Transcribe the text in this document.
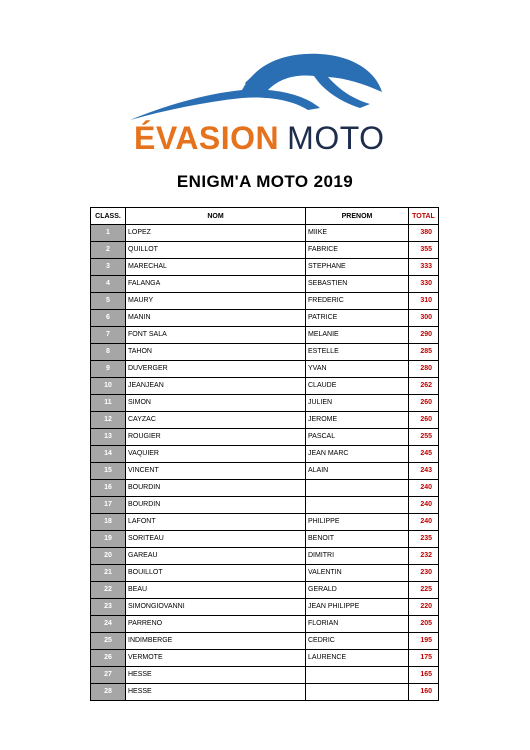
ÉVASION MOTO
ENIGM'A MOTO 2019
CLASS.	NOM	PRENOM	TOTAL
1	LOPEZ	MIIKE	380
2	QUILLOT	FABRICE	355
3	MARECHAL	STEPHANE	333
4	FALANGA	SEBASTIEN	330
5	MAURY	FREDERIC	310
6	MANIN	PATRICE	300
7	FONT SALA	MELANIE	290
8	TAHON	ESTELLE	285
9	DUVERGER	YVAN	280
10	JEANJEAN	CLAUDE	262
11	SIMON	JULIEN	260
12	CAYZAC	JEROME	260
13	ROUGIER	PASCAL	255
14	VAQUIER	JEAN MARC	245
15	VINCENT	ALAIN	243
16	BOURDIN		240
17	BOURDIN		240
18	LAFONT	PHILIPPE	240
19	SORITEAU	BENOIT	235
20	GAREAU	DIMITRI	232
21	BOUILLOT	VALENTIN	230
22	BEAU	GERALD	225
23	SIMONGIOVANNI	JEAN PHILIPPE	220
24	PARRENO	FLORIAN	205
25	INDIMBERGE	CEDRIC	195
26	VERMOTE	LAURENCE	175
27	HESSE		165
28	HESSE		160
